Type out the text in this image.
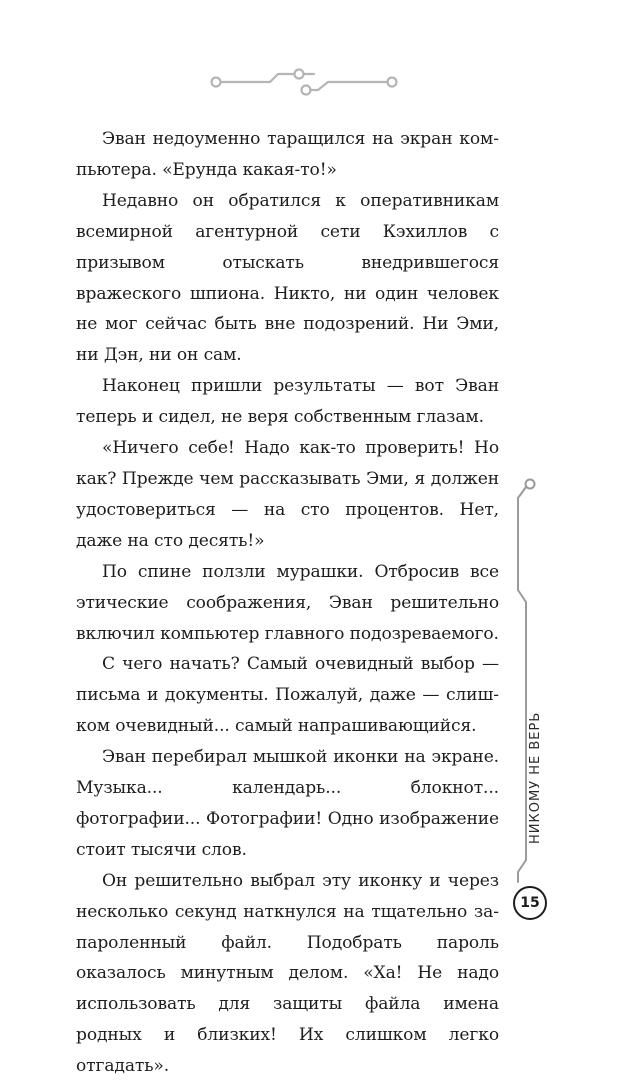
Эван недоуменно таращился на экран компьютера. «Ерунда какая-то!»

Недавно он обратился к оперативникам всемирной агентурной сети Кэхиллов с призывом отыскать внедрившегося вражеского шпиона. Никто, ни один человек не мог сейчас быть вне подозрений. Ни Эми, ни Дэн, ни он сам.

Наконец пришли результаты — вот Эван теперь и сидел, не веря собственным глазам.

«Ничего себе! Надо как-то проверить! Но как? Прежде чем рассказывать Эми, я должен удостовериться — на сто процентов. Нет, даже на сто десять!»

По спине ползли мурашки. Отбросив все этические соображения, Эван решительно включил компьютер главного подозреваемого.

С чего начать? Самый очевидный выбор — письма и документы. Пожалуй, даже — слишком очевидный... самый напрашивающийся.

Эван перебирал мышкой иконки на экране. Музыка... календарь... блокнот... фотографии... Фотографии! Одно изображение стоит тысячи слов.

Он решительно выбрал эту иконку и через несколько секунд наткнулся на тщательно запароленный файл. Подобрать пароль оказалось минутным делом. «Ха! Не надо использовать для защиты файла имена родных и близких! Их слишком легко отгадать».

НИКОМУ НЕ ВЕРЬ
15
